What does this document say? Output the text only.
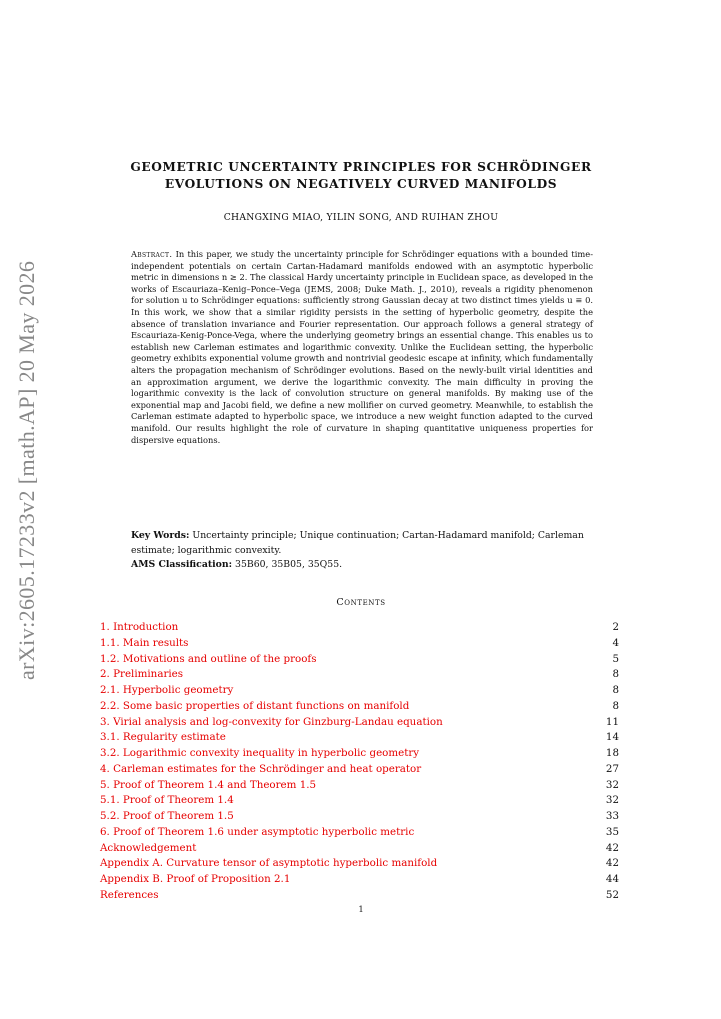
arXiv:2605.17233v2 [math.AP] 20 May 2026
GEOMETRIC UNCERTAINTY PRINCIPLES FOR SCHRÖDINGER EVOLUTIONS ON NEGATIVELY CURVED MANIFOLDS
CHANGXING MIAO, YILIN SONG, AND RUIHAN ZHOU
Abstract. In this paper, we study the uncertainty principle for Schrödinger equations with a bounded time-independent potentials on certain Cartan-Hadamard manifolds endowed with an asymptotic hyperbolic metric in dimensions n ≥ 2. The classical Hardy uncertainty principle in Euclidean space, as developed in the works of Escauriaza–Kenig–Ponce–Vega (JEMS, 2008; Duke Math. J., 2010), reveals a rigidity phenomenon for solution u to Schrödinger equations: sufficiently strong Gaussian decay at two distinct times yields u ≡ 0. In this work, we show that a similar rigidity persists in the setting of hyperbolic geometry, despite the absence of translation invariance and Fourier representation. Our approach follows a general strategy of Escauriaza-Kenig-Ponce-Vega, where the underlying geometry brings an essential change. This enables us to establish new Carleman estimates and logarithmic convexity. Unlike the Euclidean setting, the hyperbolic geometry exhibits exponential volume growth and nontrivial geodesic escape at infinity, which fundamentally alters the propagation mechanism of Schrödinger evolutions. Based on the newly-built virial identities and an approximation argument, we derive the logarithmic convexity. The main difficulty in proving the logarithmic convexity is the lack of convolution structure on general manifolds. By making use of the exponential map and Jacobi field, we define a new mollifier on curved geometry. Meanwhile, to establish the Carleman estimate adapted to hyperbolic space, we introduce a new weight function adapted to the curved manifold. Our results highlight the role of curvature in shaping quantitative uniqueness properties for dispersive equations.
Key Words: Uncertainty principle; Unique continuation; Cartan-Hadamard manifold; Carleman estimate; logarithmic convexity.
AMS Classification: 35B60, 35B05, 35Q55.
Contents
1. Introduction	2
1.1. Main results	4
1.2. Motivations and outline of the proofs	5
2. Preliminaries	8
2.1. Hyperbolic geometry	8
2.2. Some basic properties of distant functions on manifold	8
3. Virial analysis and log-convexity for Ginzburg-Landau equation	11
3.1. Regularity estimate	14
3.2. Logarithmic convexity inequality in hyperbolic geometry	18
4. Carleman estimates for the Schrödinger and heat operator	27
5. Proof of Theorem 1.4 and Theorem 1.5	32
5.1. Proof of Theorem 1.4	32
5.2. Proof of Theorem 1.5	33
6. Proof of Theorem 1.6 under asymptotic hyperbolic metric	35
Acknowledgement	42
Appendix A. Curvature tensor of asymptotic hyperbolic manifold	42
Appendix B. Proof of Proposition 2.1	44
References	52
1
